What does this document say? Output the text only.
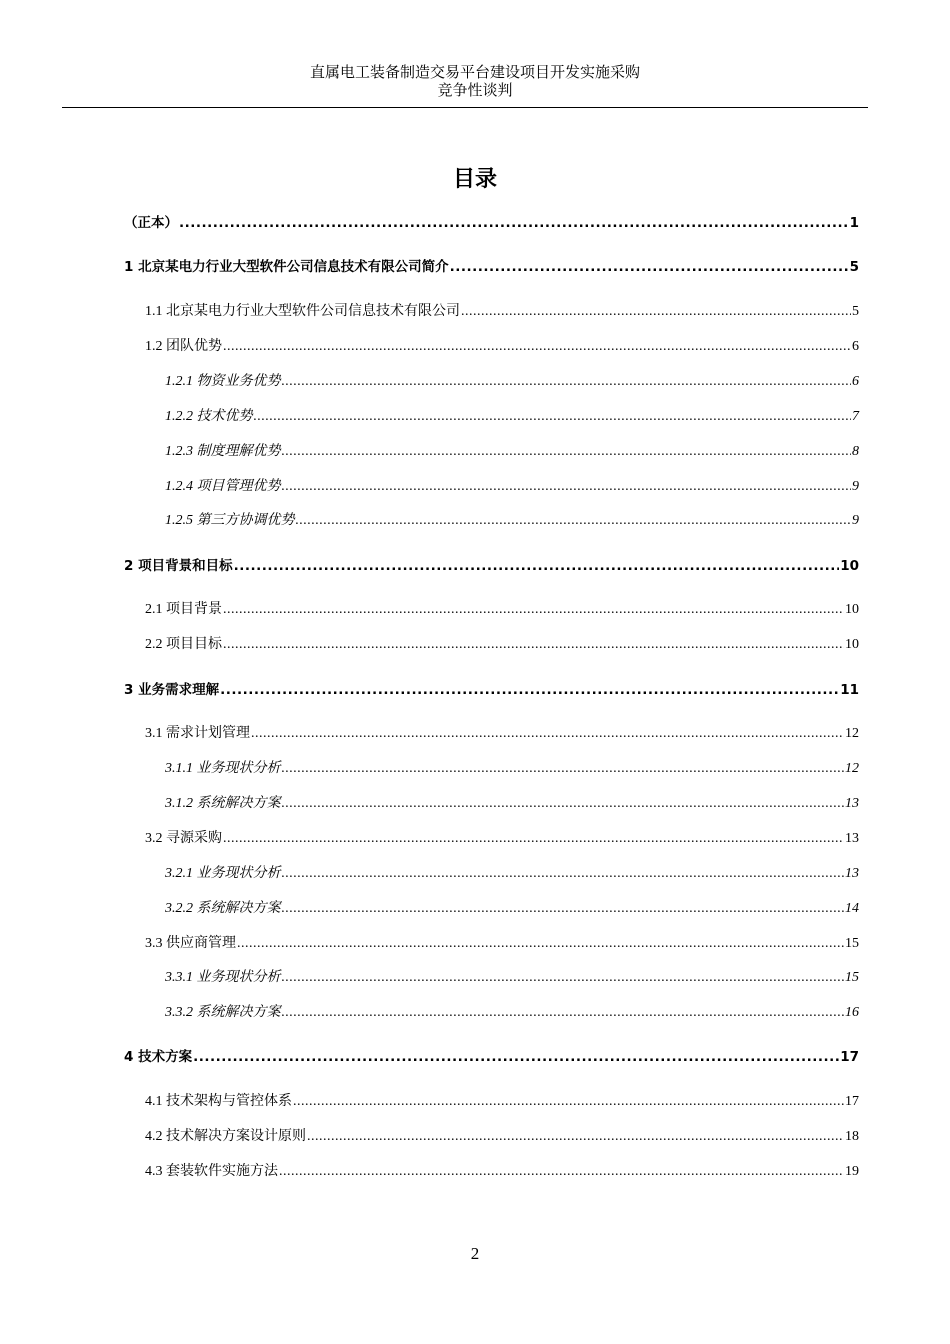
直属电工装备制造交易平台建设项目开发实施采购
竞争性谈判
目录
（正本） .....	1
1 北京某电力行业大型软件公司信息技术有限公司简介 .....	5
1.1 北京某电力行业大型软件公司信息技术有限公司 .....	5
1.2 团队优势 .....	6
1.2.1 物资业务优势 .....	6
1.2.2 技术优势 .....	7
1.2.3 制度理解优势 .....	8
1.2.4 项目管理优势 .....	9
1.2.5 第三方协调优势 .....	9
2 项目背景和目标 .....	10
2.1 项目背景 .....	10
2.2 项目目标 .....	10
3 业务需求理解 .....	11
3.1 需求计划管理 .....	12
3.1.1 业务现状分析 .....	12
3.1.2 系统解决方案 .....	13
3.2 寻源采购 .....	13
3.2.1 业务现状分析 .....	13
3.2.2 系统解决方案 .....	14
3.3 供应商管理 .....	15
3.3.1 业务现状分析 .....	15
3.3.2 系统解决方案 .....	16
4 技术方案 .....	17
4.1 技术架构与管控体系 .....	17
4.2 技术解决方案设计原则 .....	18
4.3 套装软件实施方法 .....	19
2
